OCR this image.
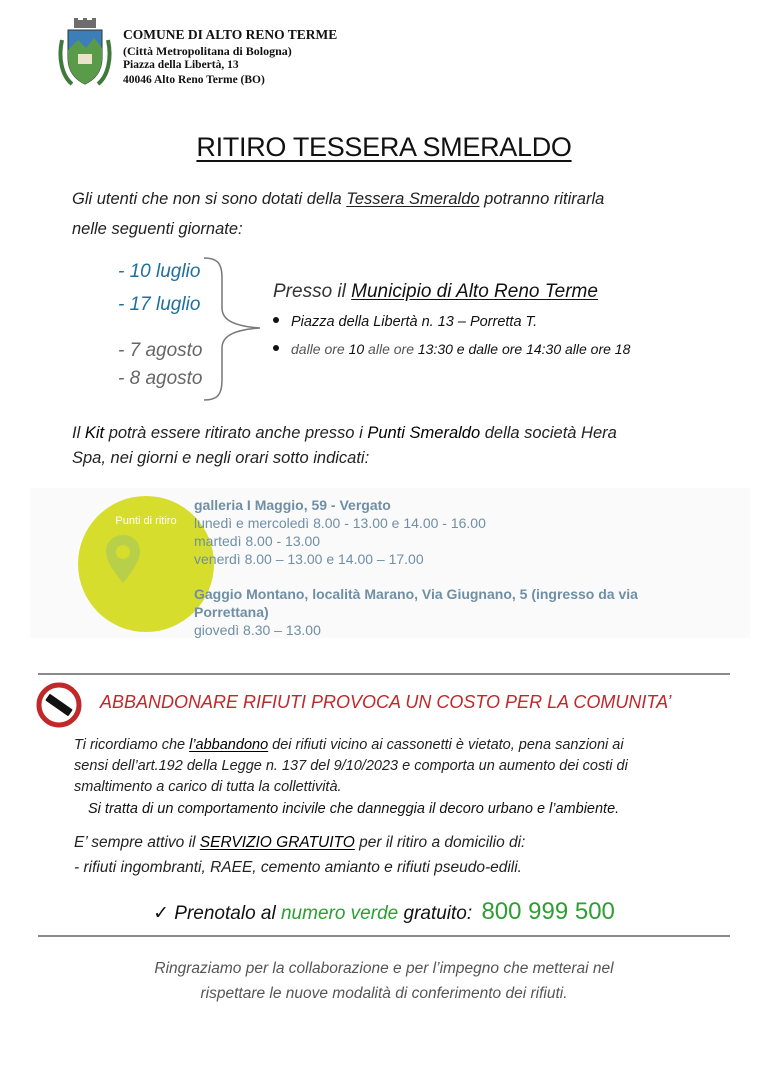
COMUNE DI ALTO RENO TERME
(Città Metropolitana di Bologna)
Piazza della Libertà, 13
40046 Alto Reno Terme (BO)
RITIRO TESSERA SMERALDO
Gli utenti che non si sono dotati della Tessera Smeraldo potranno ritirarla
nelle seguenti giornate:
- 10 luglio
- 17 luglio
- 7 agosto
- 8 agosto
Presso il Municipio di Alto Reno Terme
Piazza della Libertà n. 13 – Porretta T.
dalle ore 10 alle ore 13:30 e dalle ore 14:30 alle ore 18
Il Kit potrà essere ritirato anche presso i Punti Smeraldo della società Hera
Spa, nei giorni e negli orari sotto indicati:
Punti di ritiro
galleria I Maggio, 59 - Vergato
lunedì e mercoledì 8.00 - 13.00 e 14.00 - 16.00
martedì 8.00 - 13.00
venerdì 8.00 – 13.00 e 14.00 – 17.00
Gaggio Montano, località Marano, Via Giugnano, 5 (ingresso da via
Porrettana)
giovedì 8.30 – 13.00
ABBANDONARE RIFIUTI PROVOCA UN COSTO PER LA COMUNITA’
Ti ricordiamo che l’abbandono dei rifiuti vicino ai cassonetti è vietato, pena sanzioni ai
sensi dell’art.192 della Legge n. 137 del 9/10/2023 e comporta un aumento dei costi di
smaltimento a carico di tutta la collettività.
Si tratta di un comportamento incivile che danneggia il decoro urbano e l’ambiente.
E’ sempre attivo il SERVIZIO GRATUITO per il ritiro a domicilio di:
- rifiuti ingombranti, RAEE, cemento amianto e rifiuti pseudo-edili.
✓ Prenotalo al numero verde gratuito: 800 999 500
Ringraziamo per la collaborazione e per l’impegno che metterai nel
rispettare le nuove modalità di conferimento dei rifiuti.
